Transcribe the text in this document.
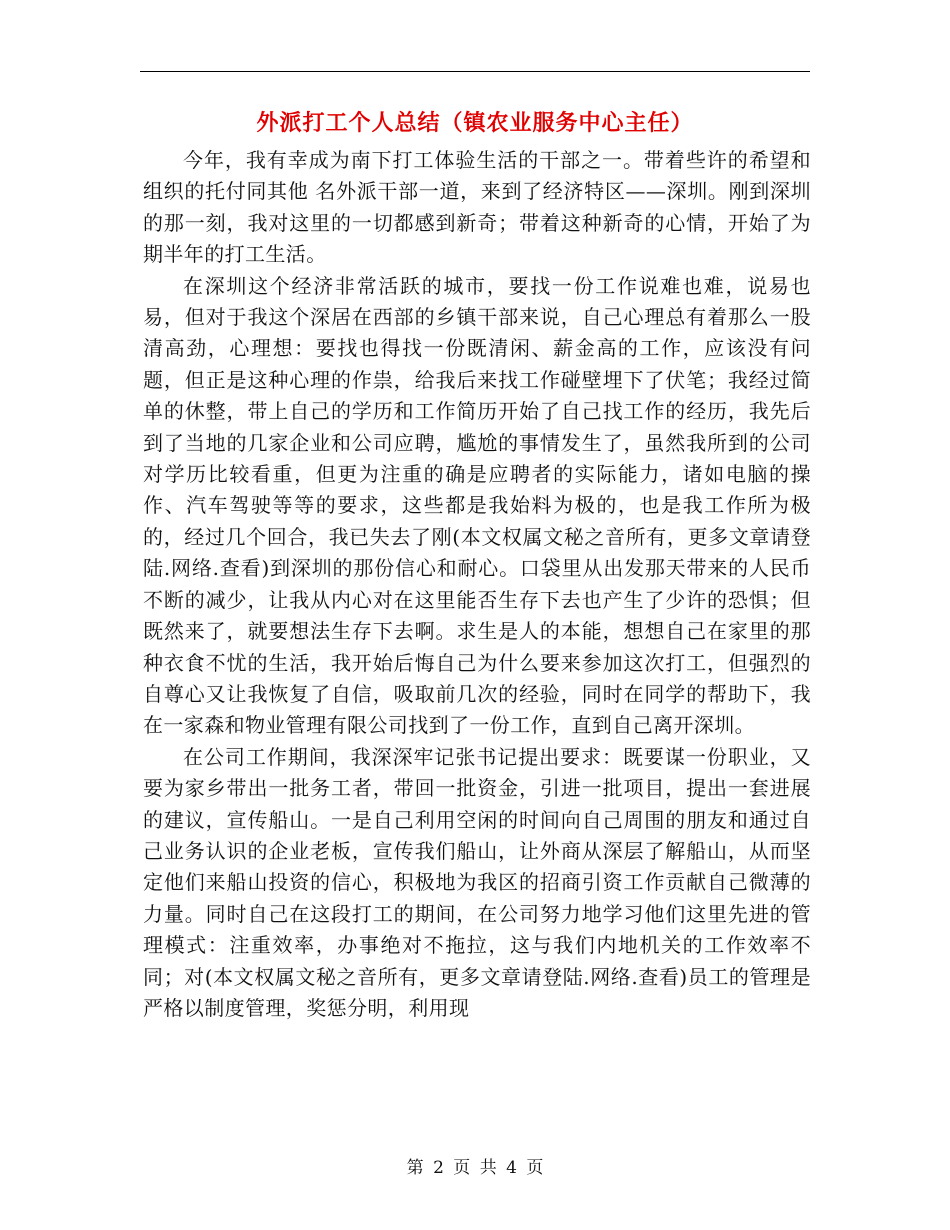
外派打工个人总结（镇农业服务中心主任）

今年，我有幸成为南下打工体验生活的干部之一。带着些许的希望和组织的托付同其他 名外派干部一道，来到了经济特区——深圳。刚到深圳的那一刻，我对这里的一切都感到新奇；带着这种新奇的心情，开始了为期半年的打工生活。

在深圳这个经济非常活跃的城市，要找一份工作说难也难，说易也易，但对于我这个深居在西部的乡镇干部来说，自己心理总有着那么一股清高劲，心理想：要找也得找一份既清闲、薪金高的工作，应该没有问题，但正是这种心理的作祟，给我后来找工作碰壁埋下了伏笔；我经过简单的休整，带上自己的学历和工作简历开始了自己找工作的经历，我先后到了当地的几家企业和公司应聘，尴尬的事情发生了，虽然我所到的公司对学历比较看重，但更为注重的确是应聘者的实际能力，诸如电脑的操作、汽车驾驶等等的要求，这些都是我始料为极的，也是我工作所为极的，经过几个回合，我已失去了刚(本文权属文秘之音所有，更多文章请登陆.网络.查看)到深圳的那份信心和耐心。口袋里从出发那天带来的人民币不断的减少，让我从内心对在这里能否生存下去也产生了少许的恐惧；但既然来了，就要想法生存下去啊。求生是人的本能，想想自己在家里的那种衣食不忧的生活，我开始后悔自己为什么要来参加这次打工，但强烈的自尊心又让我恢复了自信，吸取前几次的经验，同时在同学的帮助下，我在一家森和物业管理有限公司找到了一份工作，直到自己离开深圳。

在公司工作期间，我深深牢记张书记提出要求：既要谋一份职业，又要为家乡带出一批务工者，带回一批资金，引进一批项目，提出一套进展的建议，宣传船山。一是自己利用空闲的时间向自己周围的朋友和通过自己业务认识的企业老板，宣传我们船山，让外商从深层了解船山，从而坚定他们来船山投资的信心，积极地为我区的招商引资工作贡献自己微薄的力量。同时自己在这段打工的期间，在公司努力地学习他们这里先进的管理模式：注重效率，办事绝对不拖拉，这与我们内地机关的工作效率不同；对(本文权属文秘之音所有，更多文章请登陆.网络.查看)员工的管理是严格以制度管理，奖惩分明，利用现

第 2 页 共 4 页
